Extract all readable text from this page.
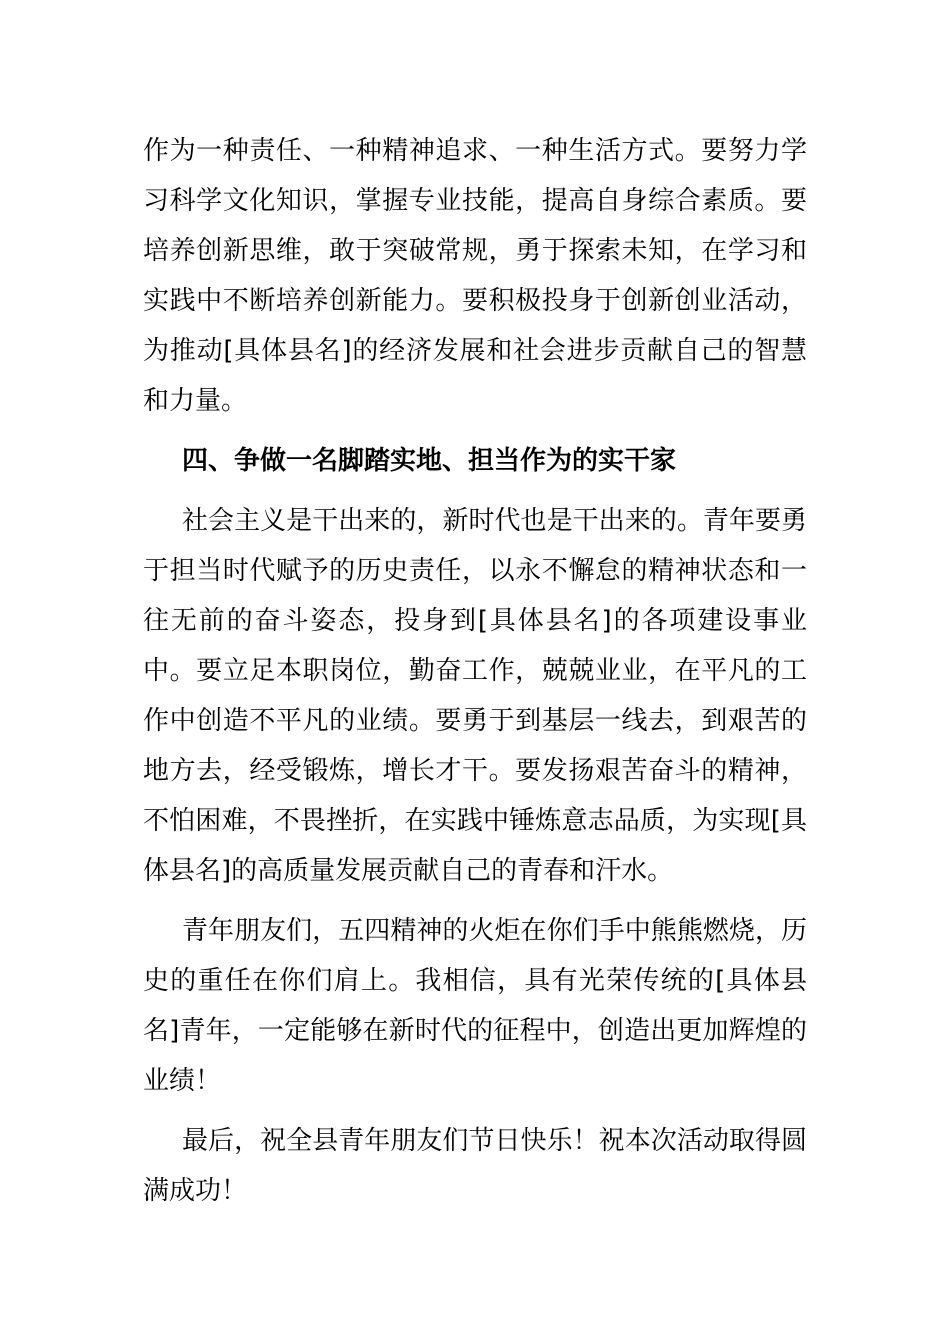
作为一种责任、一种精神追求、一种生活方式。要努力学习科学文化知识，掌握专业技能，提高自身综合素质。要培养创新思维，敢于突破常规，勇于探索未知，在学习和实践中不断培养创新能力。要积极投身于创新创业活动，为推动[具体县名]的经济发展和社会进步贡献自己的智慧和力量。

四、争做一名脚踏实地、担当作为的实干家

社会主义是干出来的，新时代也是干出来的。青年要勇于担当时代赋予的历史责任，以永不懈怠的精神状态和一往无前的奋斗姿态，投身到[具体县名]的各项建设事业中。要立足本职岗位，勤奋工作，兢兢业业，在平凡的工作中创造不平凡的业绩。要勇于到基层一线去，到艰苦的地方去，经受锻炼，增长才干。要发扬艰苦奋斗的精神，不怕困难，不畏挫折，在实践中锤炼意志品质，为实现[具体县名]的高质量发展贡献自己的青春和汗水。

青年朋友们，五四精神的火炬在你们手中熊熊燃烧，历史的重任在你们肩上。我相信，具有光荣传统的[具体县名]青年，一定能够在新时代的征程中，创造出更加辉煌的业绩！

最后，祝全县青年朋友们节日快乐！祝本次活动取得圆满成功！
